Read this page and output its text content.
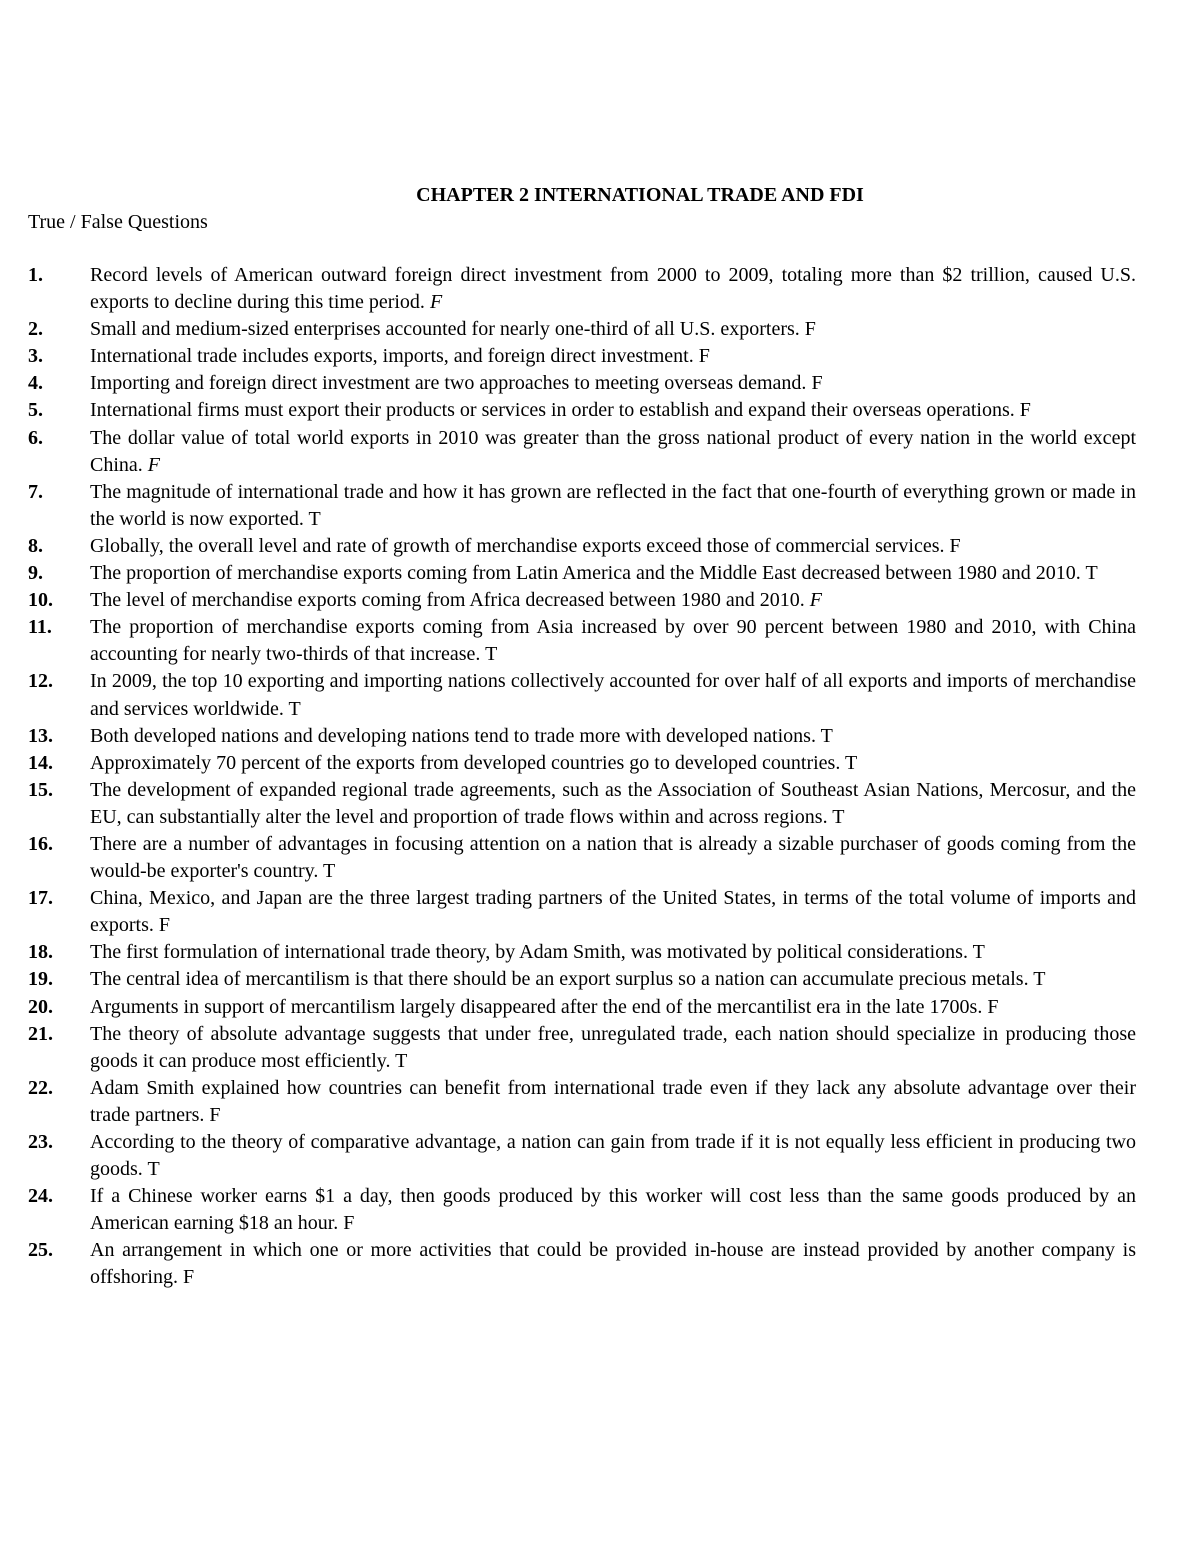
CHAPTER 2 INTERNATIONAL TRADE AND FDI
True / False Questions
1. Record levels of American outward foreign direct investment from 2000 to 2009, totaling more than $2 trillion, caused U.S. exports to decline during this time period. F
2. Small and medium-sized enterprises accounted for nearly one-third of all U.S. exporters. F
3. International trade includes exports, imports, and foreign direct investment. F
4. Importing and foreign direct investment are two approaches to meeting overseas demand. F
5. International firms must export their products or services in order to establish and expand their overseas operations. F
6. The dollar value of total world exports in 2010 was greater than the gross national product of every nation in the world except China. F
7. The magnitude of international trade and how it has grown are reflected in the fact that one-fourth of everything grown or made in the world is now exported. T
8. Globally, the overall level and rate of growth of merchandise exports exceed those of commercial services. F
9. The proportion of merchandise exports coming from Latin America and the Middle East decreased between 1980 and 2010. T
10. The level of merchandise exports coming from Africa decreased between 1980 and 2010. F
11. The proportion of merchandise exports coming from Asia increased by over 90 percent between 1980 and 2010, with China accounting for nearly two-thirds of that increase. T
12. In 2009, the top 10 exporting and importing nations collectively accounted for over half of all exports and imports of merchandise and services worldwide. T
13. Both developed nations and developing nations tend to trade more with developed nations. T
14. Approximately 70 percent of the exports from developed countries go to developed countries. T
15. The development of expanded regional trade agreements, such as the Association of Southeast Asian Nations, Mercosur, and the EU, can substantially alter the level and proportion of trade flows within and across regions. T
16. There are a number of advantages in focusing attention on a nation that is already a sizable purchaser of goods coming from the would-be exporter's country. T
17. China, Mexico, and Japan are the three largest trading partners of the United States, in terms of the total volume of imports and exports. F
18. The first formulation of international trade theory, by Adam Smith, was motivated by political considerations. T
19. The central idea of mercantilism is that there should be an export surplus so a nation can accumulate precious metals. T
20. Arguments in support of mercantilism largely disappeared after the end of the mercantilist era in the late 1700s. F
21. The theory of absolute advantage suggests that under free, unregulated trade, each nation should specialize in producing those goods it can produce most efficiently. T
22. Adam Smith explained how countries can benefit from international trade even if they lack any absolute advantage over their trade partners. F
23. According to the theory of comparative advantage, a nation can gain from trade if it is not equally less efficient in producing two goods. T
24. If a Chinese worker earns $1 a day, then goods produced by this worker will cost less than the same goods produced by an American earning $18 an hour. F
25. An arrangement in which one or more activities that could be provided in-house are instead provided by another company is offshoring. F
